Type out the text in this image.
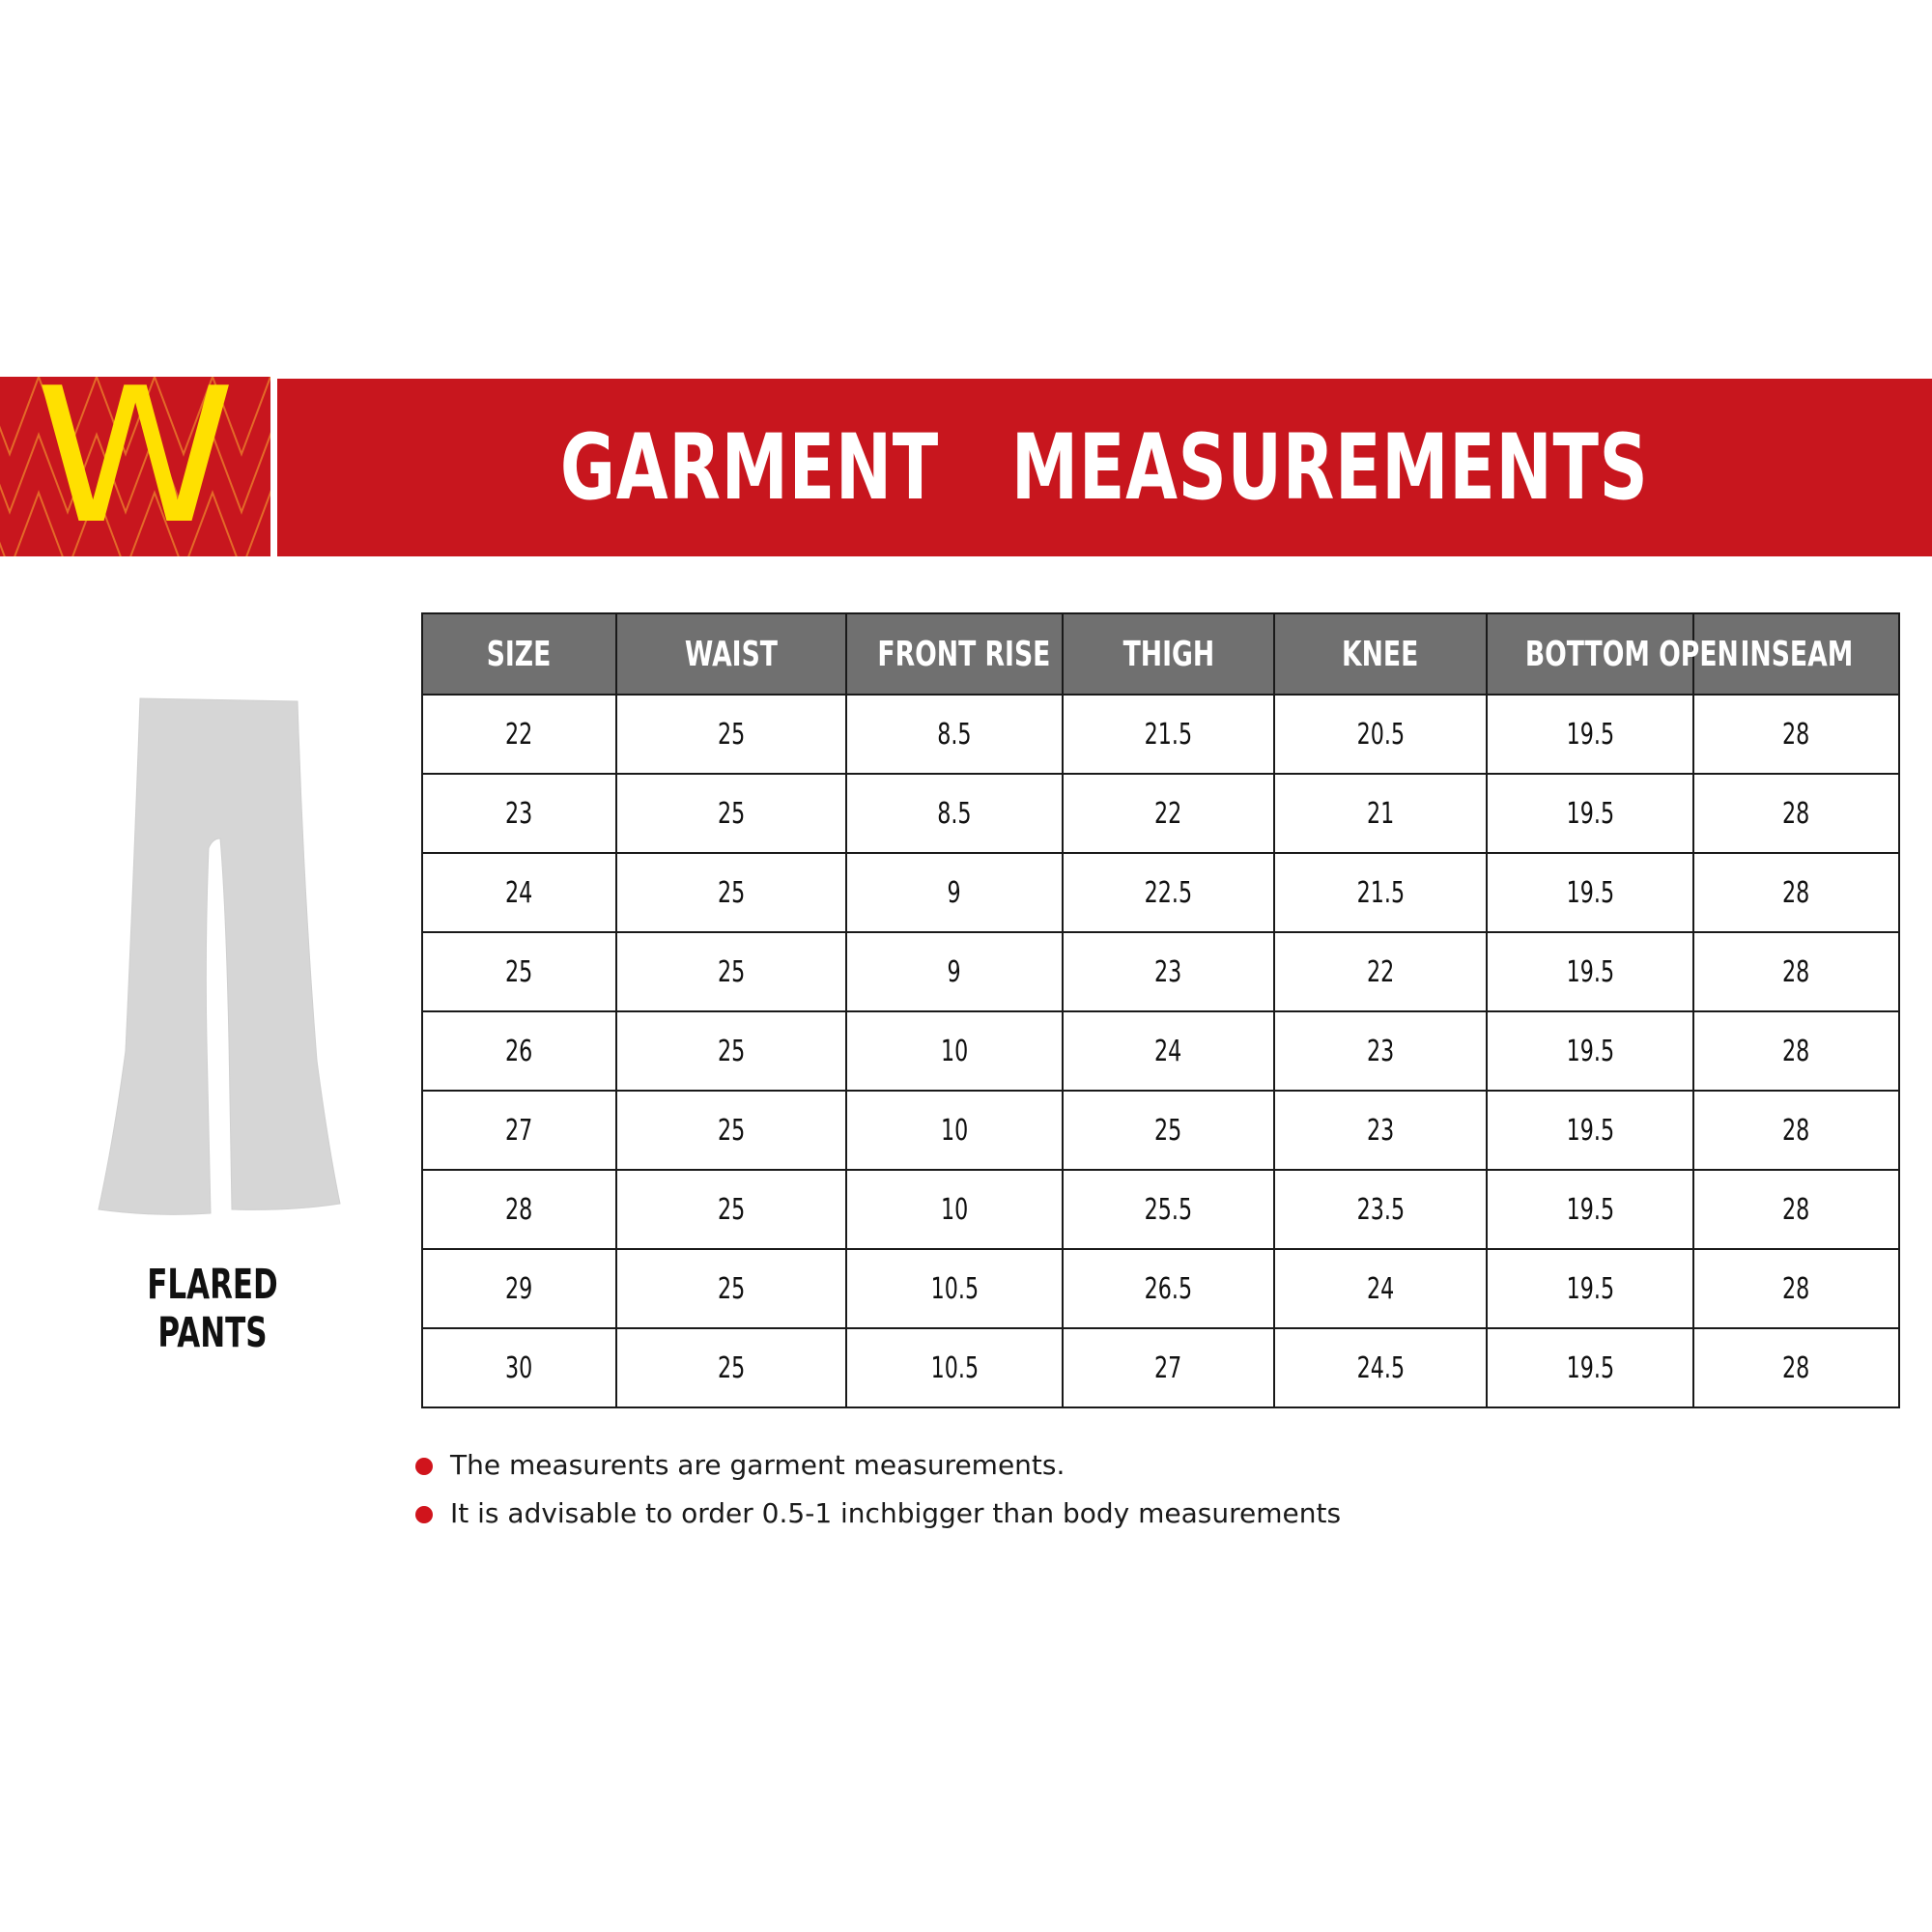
W	GARMENT   MEASUREMENTS
FLARED PANTS
SIZE	WAIST	FRONT RISE	THIGH	KNEE	BOTTOM OPEN	INSEAM
22	25	8.5	21.5	20.5	19.5	28
23	25	8.5	22	21	19.5	28
24	25	9	22.5	21.5	19.5	28
25	25	9	23	22	19.5	28
26	25	10	24	23	19.5	28
27	25	10	25	23	19.5	28
28	25	10	25.5	23.5	19.5	28
29	25	10.5	26.5	24	19.5	28
30	25	10.5	27	24.5	19.5	28
The measurents are garment measurements.
It is advisable to order 0.5-1 inchbigger than body measurements
